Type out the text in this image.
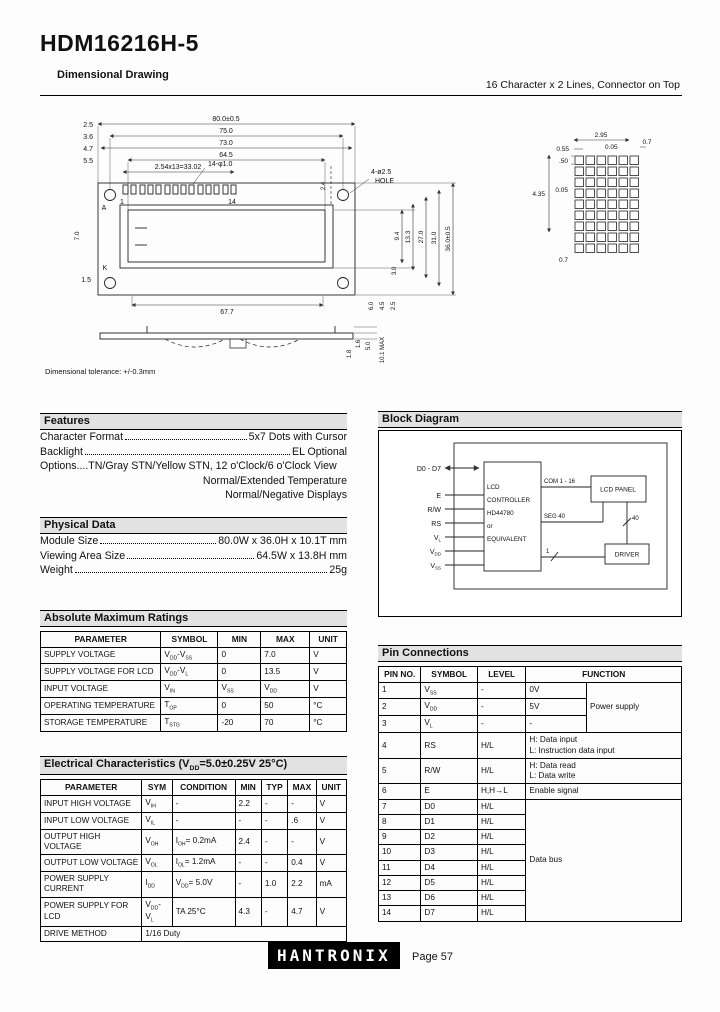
HDM16216H-5
Dimensional Drawing
16 Character x 2 Lines, Connector on Top
80.0±0.5
75.0
73.0
64.5
2.54x13=33.02 14-φ1.0
2.5
3.6
4.7
5.5
4-ø2.5
HOLE
9.4 13.3 27.0 31.0 36.0±0.5
3.0
6.0 4.5 2.5
7.0
1.5
67.7
1	14
A
K
2.4
1.6 5.0 10.1 MAX
1.8
2.95
0.55	0.05
0.7
.50
0.05
4.35
0.7
Dimensional tolerance: +/-0.3mm
Features
Character Format	5x7 Dots with Cursor
Backlight	EL Optional
Options....TN/Gray STN/Yellow STN, 12 o'Clock/6 o'Clock View
Normal/Extended Temperature
Normal/Negative Displays
Physical Data
Module Size	80.0W x 36.0H x 10.1T mm
Viewing Area Size	64.5W x 13.8H mm
Weight	25g
Absolute Maximum Ratings
PARAMETER	SYMBOL	MIN	MAX	UNIT
SUPPLY VOLTAGE	$V_{DD}-V_{SS}$	0	7.0	V
SUPPLY VOLTAGE FOR LCD	$V_{DD}-V_L$	0	13.5	V
INPUT VOLTAGE	$V_{IN}$	$V_{SS}$	$V_{DD}$	V
OPERATING TEMPERATURE	$T_{OP}$	0	50	°C
STORAGE TEMPERATURE	$T_{STG}$	-20	70	°C
Electrical Characteristics ($V_{DD}=5.0\pm 0.25V$ 25°C)
PARAMETER	SYM	CONDITION	MIN	TYP	MAX	UNIT
INPUT HIGH VOLTAGE	$V_{IH}$	-	2.2	-	-	V
INPUT LOW VOLTAGE	$V_{IL}$	-	-	-	.6	V
OUTPUT HIGH VOLTAGE	$V_{OH}$	$I_{OH}= 0.2mA$	2.4	-	-	V
OUTPUT LOW VOLTAGE	$V_{OL}$	$I_{OL}= 1.2mA$	-	-	0.4	V
POWER SUPPLY CURRENT	$I_{DD}$	$V_{DD}= 5.0V$	-	1.0	2.2	mA
POWER SUPPLY FOR LCD	$V_{DD}-V_L$	TA 25°C	4.3	-	4.7	V
DRIVE METHOD	1/16 Duty					
Block Diagram
D0 - D7
E
R/W
RS
$V_L$
$V_{DD}$
$V_{SS}$
LCD
CONTROLLER
HD44780
or
EQUIVALENT
LCD PANEL
DRIVER
COM 1 - 16
SEG 40	40
1
Pin Connections
PIN NO.	SYMBOL	LEVEL	FUNCTION	
1	$V_{SS}$	-	0V	Power supply
2	$V_{DD}$	-	5V	
3	$V_L$	-	-	
4	RS	H/L	H: Data input
L: Instruction data input	
5	R/W	H/L	H: Data read
L: Data write	
6	E	H,H→L	Enable signal	
7	D0	H/L	Data bus	
8	D1	H/L		
9	D2	H/L		
10	D3	H/L		
11	D4	H/L		
12	D5	H/L		
13	D6	H/L		
14	D7	H/L		
HANTRONIX	Page 57
